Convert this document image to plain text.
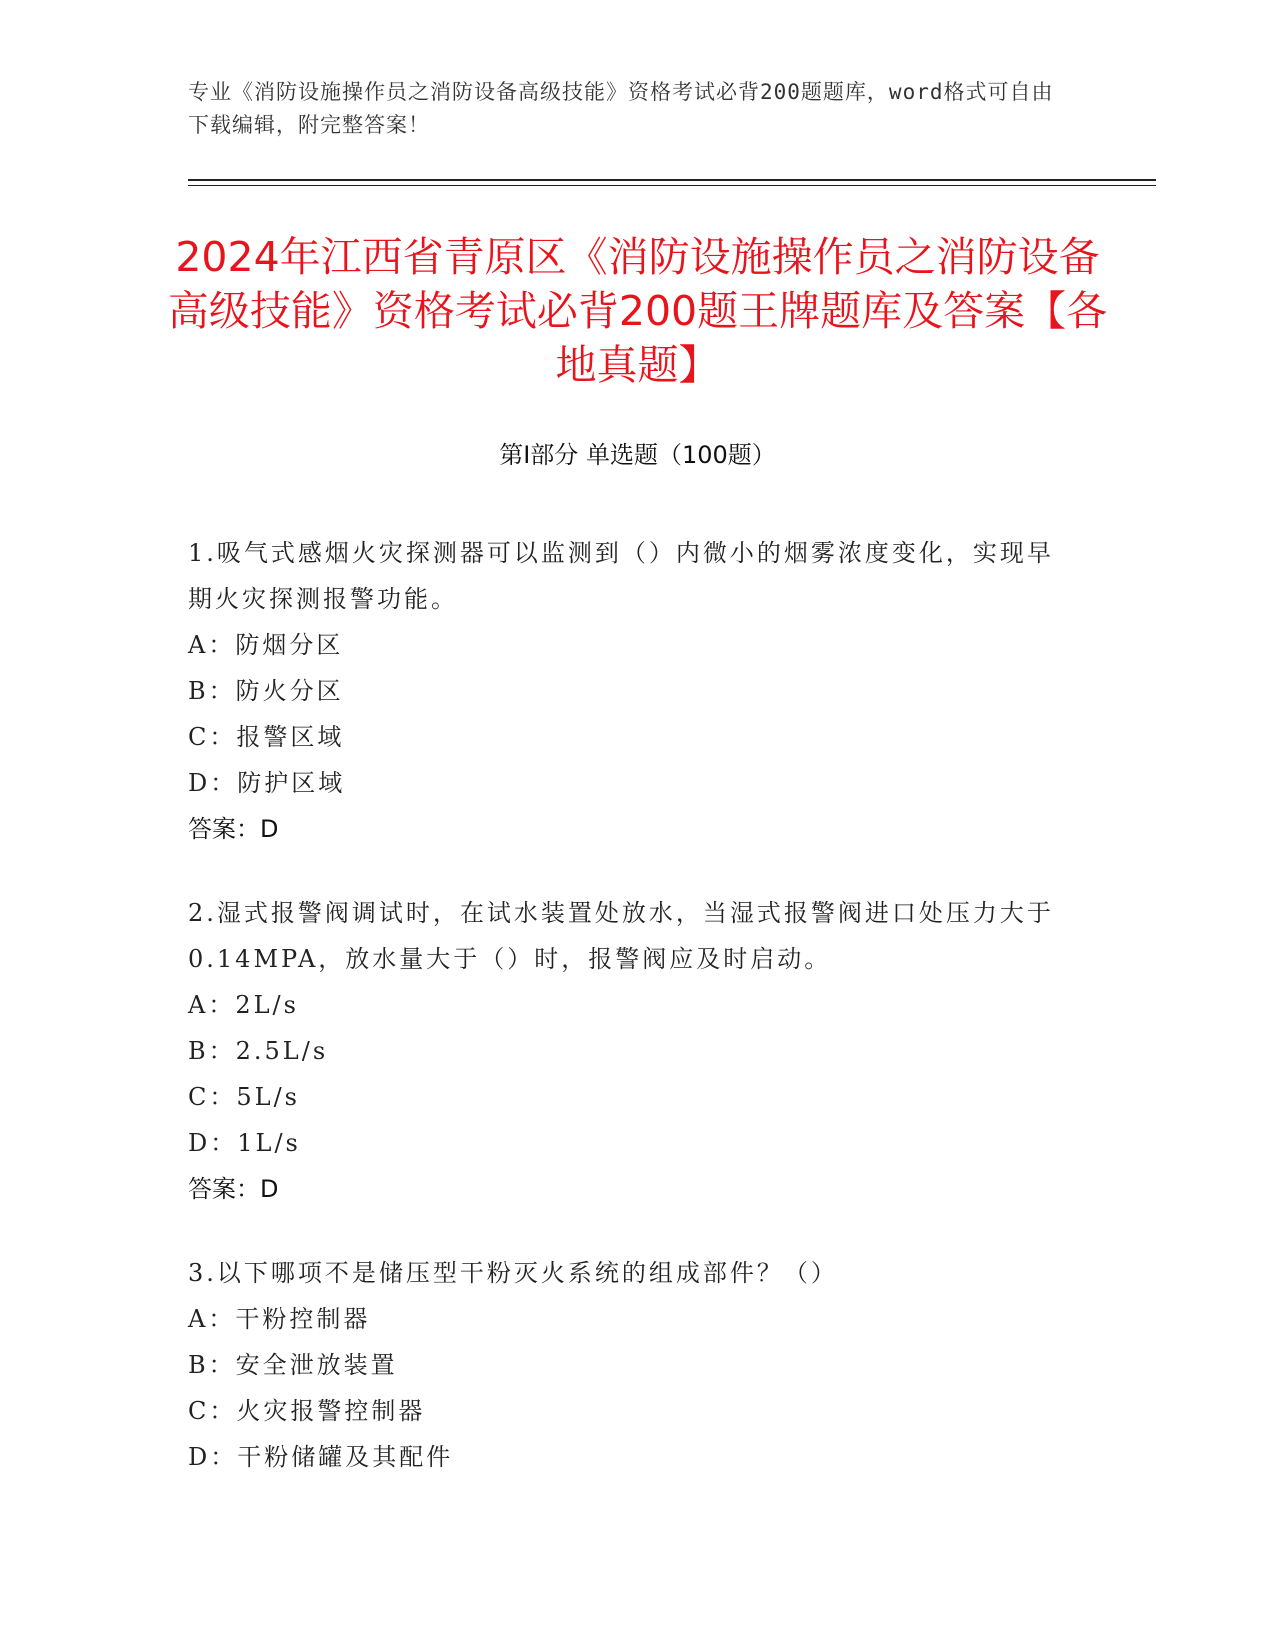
专业《消防设施操作员之消防设备高级技能》资格考试必背200题题库，word格式可自由下载编辑，附完整答案！

2024年江西省青原区《消防设施操作员之消防设备高级技能》资格考试必背200题王牌题库及答案【各地真题】
第I部分 单选题（100题）

1.吸气式感烟火灾探测器可以监测到（）内微小的烟雾浓度变化，实现早期火灾探测报警功能。

A：防烟分区

B：防火分区

C：报警区域

D：防护区域

答案：D

2.湿式报警阀调试时，在试水装置处放水，当湿式报警阀进口处压力大于0.14MPA，放水量大于（）时，报警阀应及时启动。

A：2L/s

B：2.5L/s

C：5L/s

D：1L/s

答案：D

3.以下哪项不是储压型干粉灭火系统的组成部件？（）

A：干粉控制器

B：安全泄放装置

C：火灾报警控制器

D：干粉储罐及其配件
